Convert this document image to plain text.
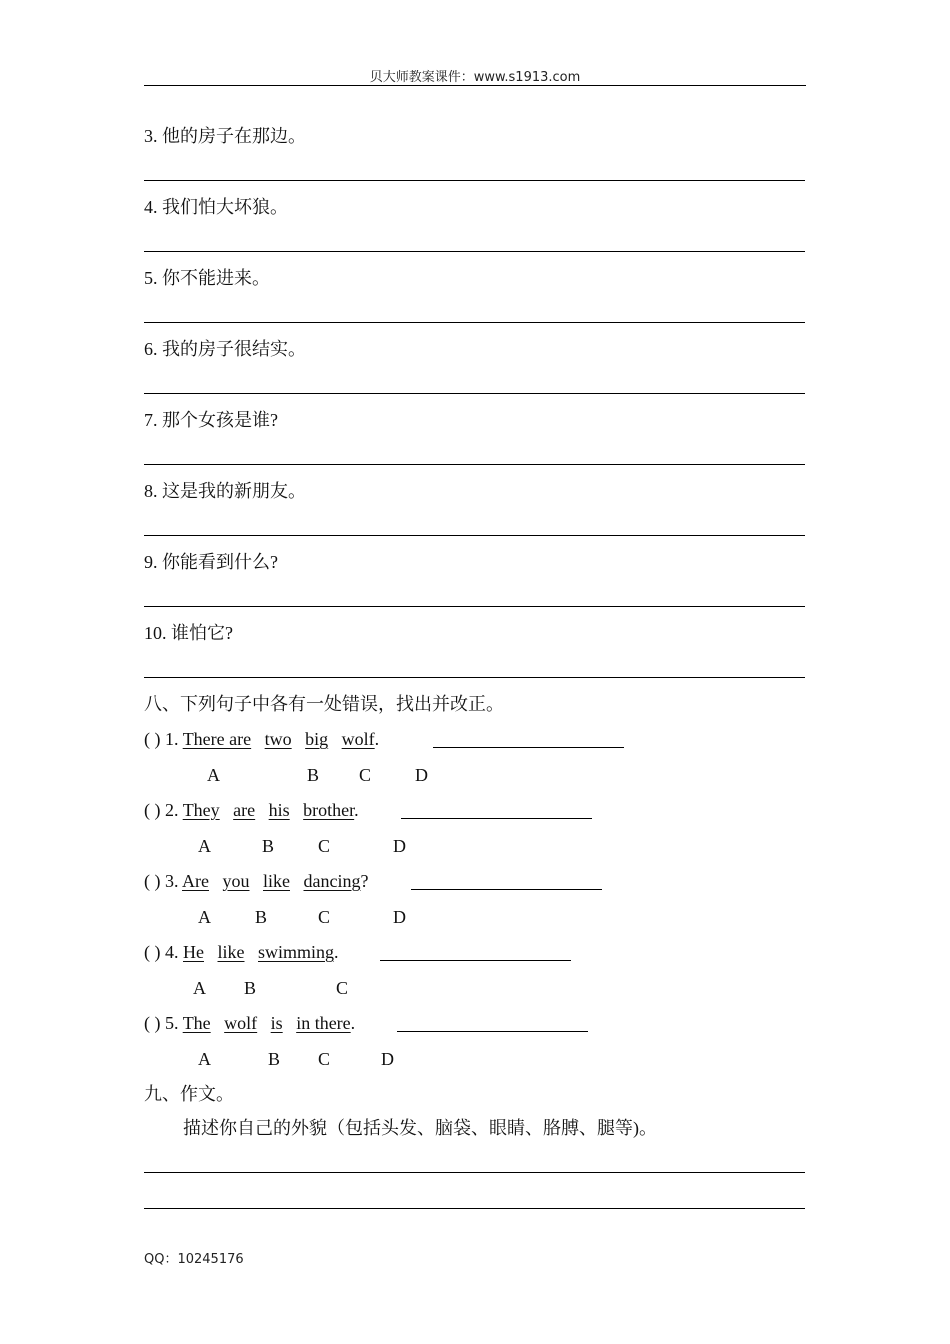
贝大师教案课件：www.s1913.com
3. 他的房子在那边。
4. 我们怕大坏狼。
5. 你不能进来。
6. 我的房子很结实。
7. 那个女孩是谁?
8. 这是我的新朋友。
9. 你能看到什么?
10. 谁怕它?
八、下列句子中各有一处错误，找出并改正。
( ) 1. There are two big wolf.
A	B C D
( ) 2. They are his brother.
A	B C	D
( ) 3. Are you like dancing?
A B	C	D
( ) 4. He like swimming.
A B	C
( ) 5. The wolf is in there.
A	B C	D
九、作文。
描述你自己的外貌（包括头发、脑袋、眼睛、胳膊、腿等)。
QQ：10245176
